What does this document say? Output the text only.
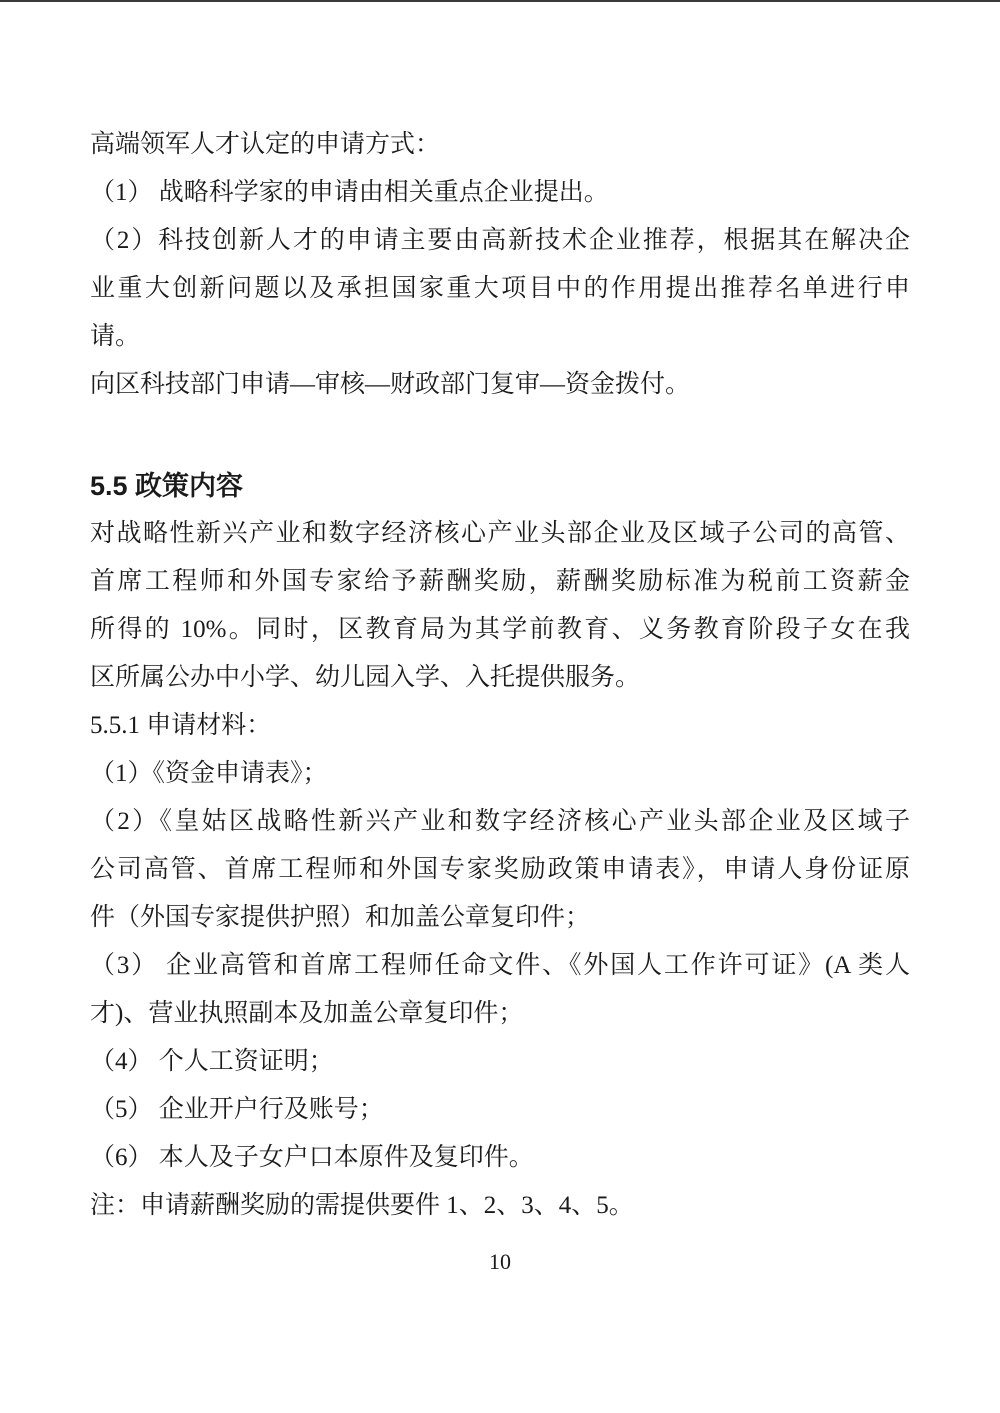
高端领军人才认定的申请方式：
（1） 战略科学家的申请由相关重点企业提出。
（2）科技创新人才的申请主要由高新技术企业推荐，根据其在解决企
业重大创新问题以及承担国家重大项目中的作用提出推荐名单进行申
请。
向区科技部门申请—审核—财政部门复审—资金拨付。
5.5 政策内容
对战略性新兴产业和数字经济核心产业头部企业及区域子公司的高管、
首席工程师和外国专家给予薪酬奖励，薪酬奖励标准为税前工资薪金
所得的 10%。同时，区教育局为其学前教育、义务教育阶段子女在我
区所属公办中小学、幼儿园入学、入托提供服务。
5.5.1 申请材料：
（1）《资金申请表》；
（2）《皇姑区战略性新兴产业和数字经济核心产业头部企业及区域子
公司高管、首席工程师和外国专家奖励政策申请表》，申请人身份证原
件（外国专家提供护照）和加盖公章复印件；
（3） 企业高管和首席工程师任命文件、《外国人工作许可证》(A 类人
才)、营业执照副本及加盖公章复印件；
（4） 个人工资证明；
（5） 企业开户行及账号；
（6） 本人及子女户口本原件及复印件。
注：申请薪酬奖励的需提供要件 1、2、3、4、5。
10
